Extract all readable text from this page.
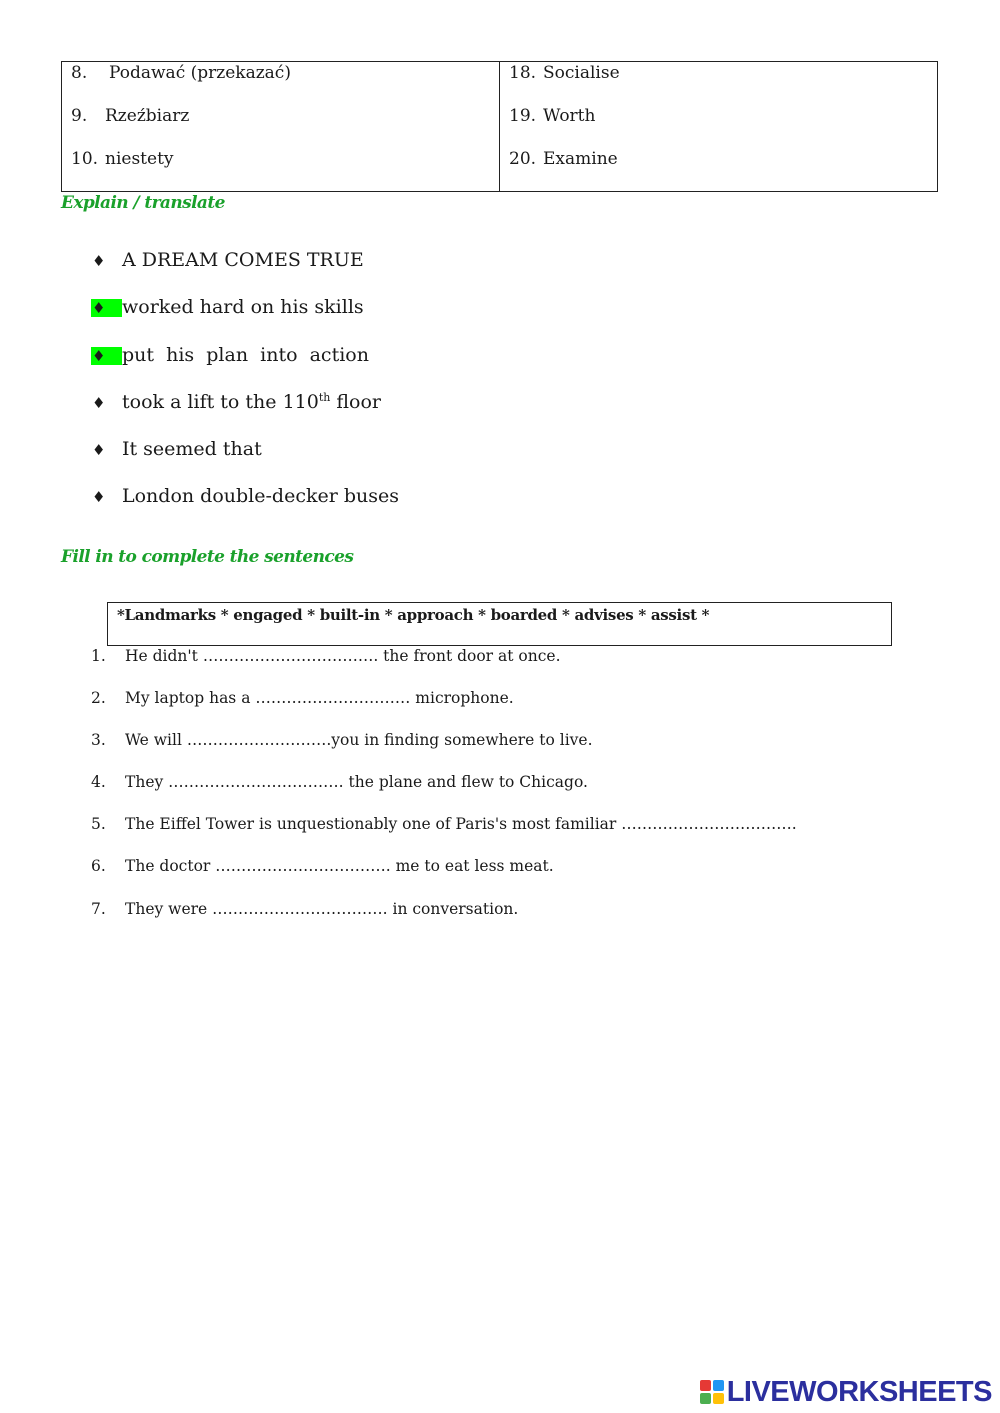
8. Podawać (przekazać)
9. Rzeźbiarz
10. niestety
18. Socialise
19. Worth
20. Examine
Explain / translate
♦ A DREAM COMES TRUE
♦ worked hard on his skills
♦ put  his  plan  into  action
♦ took a lift to the 110th floor
♦ It seemed that
♦ London double-decker buses
Fill in to complete the sentences
*Landmarks * engaged * built-in * approach * boarded * advises * assist *
1. He didn't ……………………………. the front door at once.
2. My laptop has a ………………………… microphone.
3. We will ……………………….you in finding somewhere to live.
4. They ……………………………. the plane and flew to Chicago.
5. The Eiffel Tower is unquestionably one of Paris's most familiar …………………………….
6. The doctor ……………………………. me to eat less meat.
7. They were ……………………………. in conversation.
LIVEWORKSHEETS
